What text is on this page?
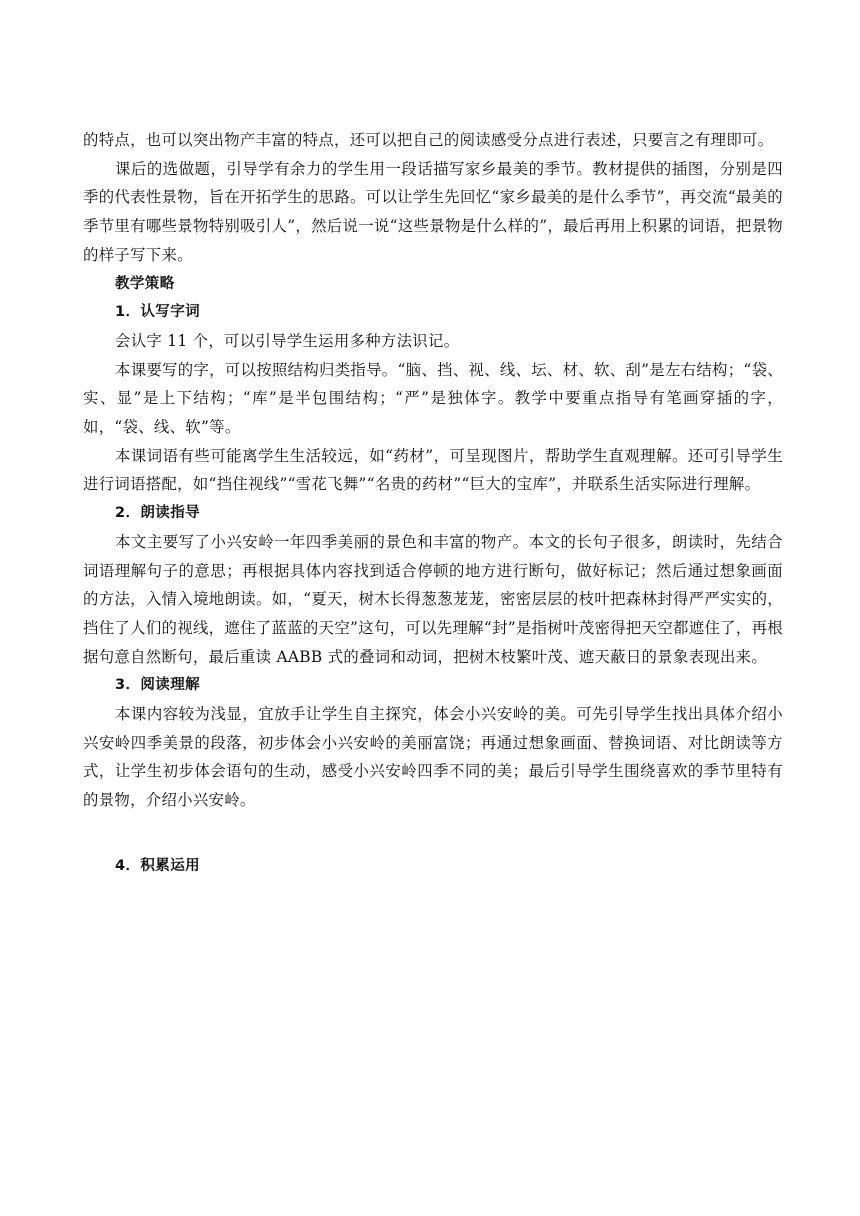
的特点，也可以突出物产丰富的特点，还可以把自己的阅读感受分点进行表述，只要言之有理即可。

课后的选做题，引导学有余力的学生用一段话描写家乡最美的季节。教材提供的插图，分别是四季的代表性景物，旨在开拓学生的思路。可以让学生先回忆“家乡最美的是什么季节”，再交流“最美的季节里有哪些景物特别吸引人”，然后说一说“这些景物是什么样的”，最后再用上积累的词语，把景物的样子写下来。

教学策略

1．认写字词

会认字 11 个，可以引导学生运用多种方法识记。

本课要写的字，可以按照结构归类指导。“脑、挡、视、线、坛、材、软、刮”是左右结构；“袋、实、显”是上下结构；“库”是半包围结构；“严”是独体字。教学中要重点指导有笔画穿插的字，如，“袋、线、软”等。

本课词语有些可能离学生生活较远，如“药材”，可呈现图片，帮助学生直观理解。还可引导学生进行词语搭配，如“挡住视线”“雪花飞舞”“名贵的药材”“巨大的宝库”，并联系生活实际进行理解。

2．朗读指导

本文主要写了小兴安岭一年四季美丽的景色和丰富的物产。本文的长句子很多，朗读时，先结合词语理解句子的意思；再根据具体内容找到适合停顿的地方进行断句，做好标记；然后通过想象画面的方法，入情入境地朗读。如，“夏天，树木长得葱葱茏茏，密密层层的枝叶把森林封得严严实实的，挡住了人们的视线，遮住了蓝蓝的天空”这句，可以先理解“封”是指树叶茂密得把天空都遮住了，再根据句意自然断句，最后重读 AABB 式的叠词和动词，把树木枝繁叶茂、遮天蔽日的景象表现出来。

3．阅读理解

本课内容较为浅显，宜放手让学生自主探究，体会小兴安岭的美。可先引导学生找出具体介绍小兴安岭四季美景的段落，初步体会小兴安岭的美丽富饶；再通过想象画面、替换词语、对比朗读等方式，让学生初步体会语句的生动，感受小兴安岭四季不同的美；最后引导学生围绕喜欢的季节里特有的景物，介绍小兴安岭。

4．积累运用
